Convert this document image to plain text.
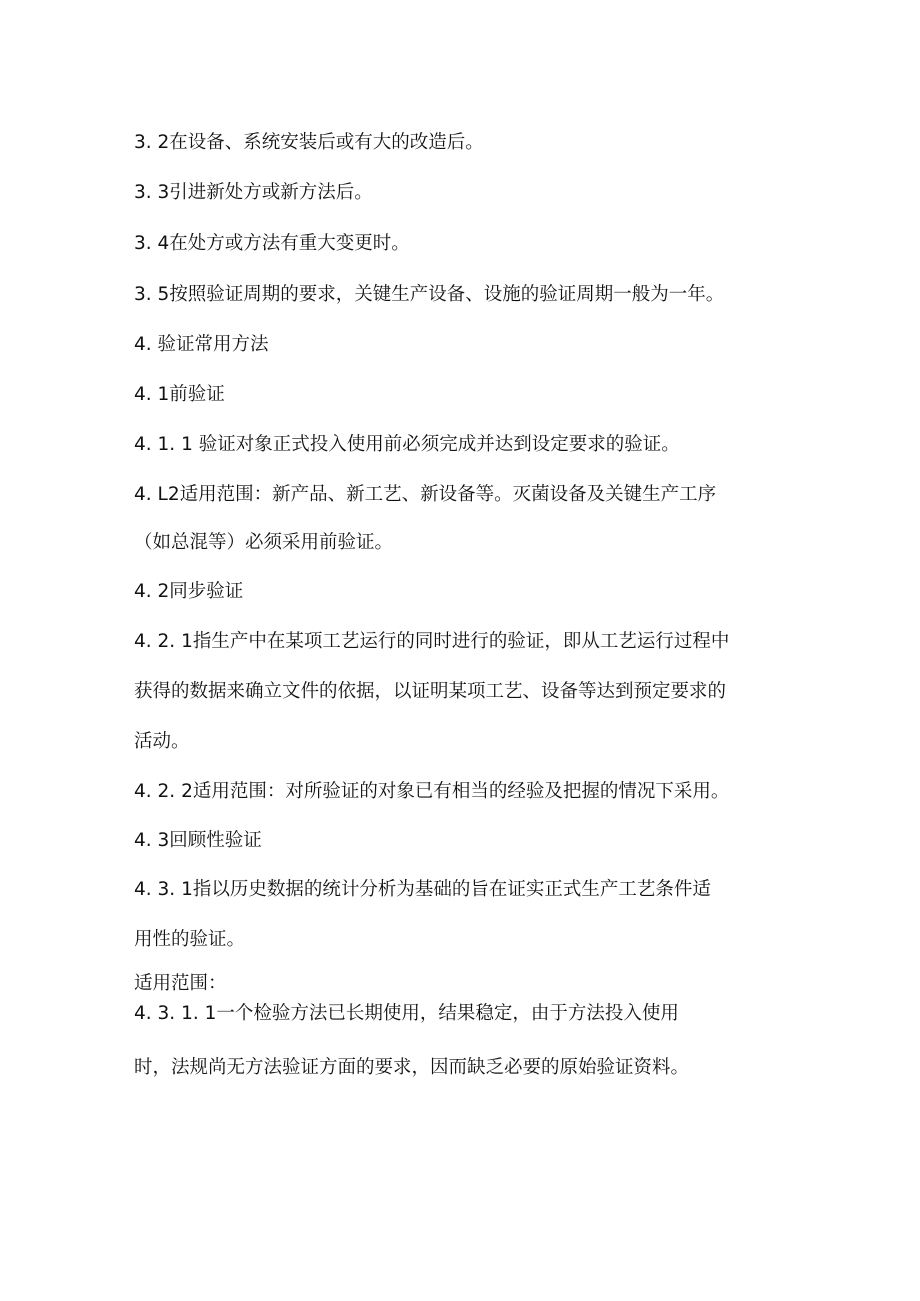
3. 2在设备、系统安装后或有大的改造后。
3. 3引进新处方或新方法后。
3. 4在处方或方法有重大变更时。
3. 5按照验证周期的要求，关键生产设备、设施的验证周期一般为一年。
4. 验证常用方法
4. 1前验证
4. 1. 1 验证对象正式投入使用前必须完成并达到设定要求的验证。
4. L2适用范围：新产品、新工艺、新设备等。灭菌设备及关键生产工序
（如总混等）必须采用前验证。
4. 2同步验证
4. 2. 1指生产中在某项工艺运行的同时进行的验证，即从工艺运行过程中
获得的数据来确立文件的依据，以证明某项工艺、设备等达到预定要求的
活动。
4. 2. 2适用范围：对所验证的对象已有相当的经验及把握的情况下采用。
4. 3回顾性验证
4. 3. 1指以历史数据的统计分析为基础的旨在证实正式生产工艺条件适
用性的验证。
适用范围：
4. 3. 1. 1一个检验方法已长期使用，结果稳定，由于方法投入使用
时，法规尚无方法验证方面的要求，因而缺乏必要的原始验证资料。
